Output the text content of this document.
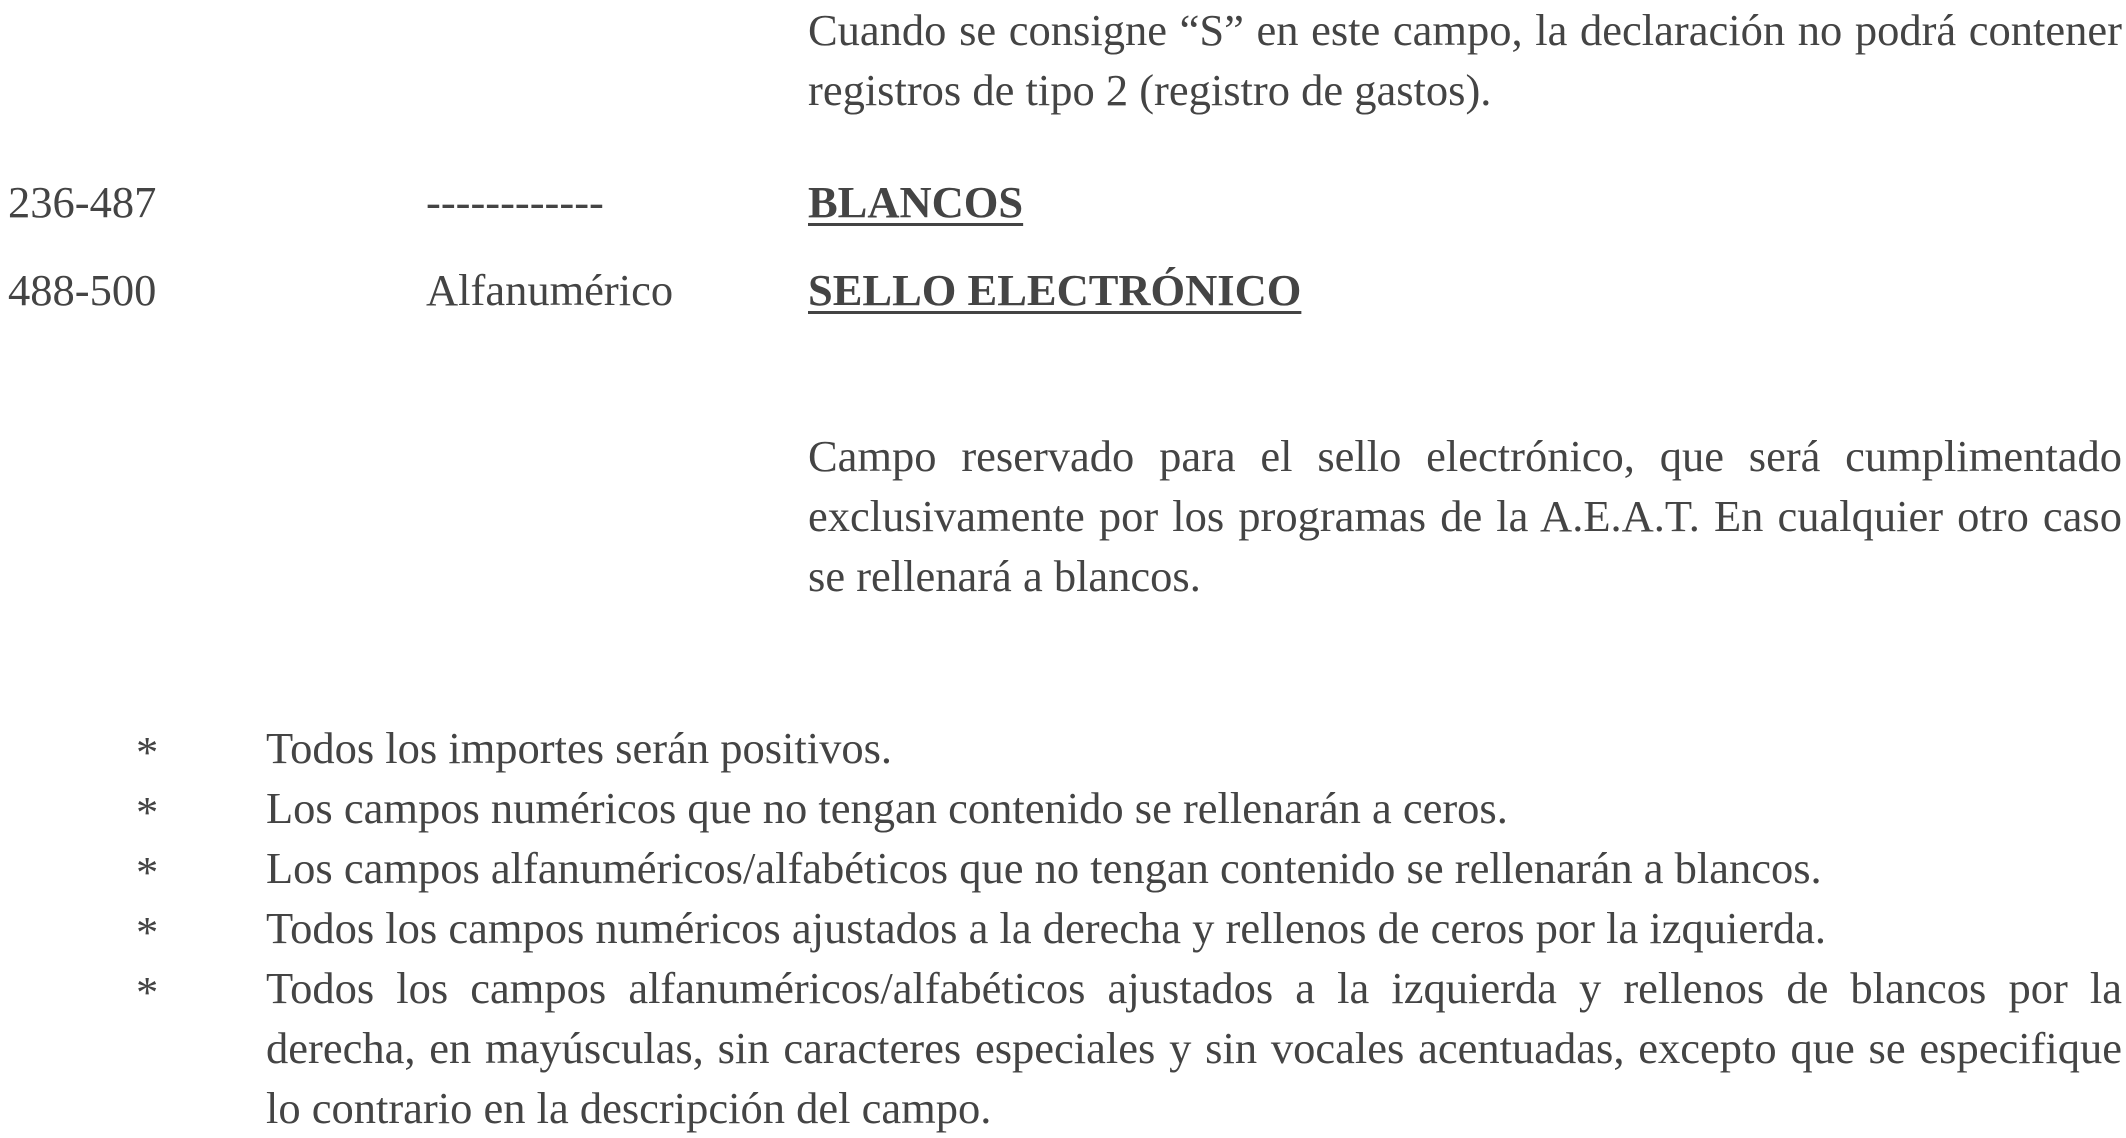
Cuando se consigne “S” en este campo, la declaración no podrá contener registros de tipo 2 (registro de gastos).
236-487	------------	BLANCOS
488-500	Alfanumérico	SELLO ELECTRÓNICO
Campo reservado para el sello electrónico, que será cumplimentado exclusivamente por los programas de la A.E.A.T. En cualquier otro caso se rellenará a blancos.
* Todos los importes serán positivos.
* Los campos numéricos que no tengan contenido se rellenarán a ceros.
* Los campos alfanuméricos/alfabéticos que no tengan contenido se rellenarán a blancos.
* Todos los campos numéricos ajustados a la derecha y rellenos de ceros por la izquierda.
* Todos los campos alfanuméricos/alfabéticos ajustados a la izquierda y rellenos de blancos por la derecha, en mayúsculas, sin caracteres especiales y sin vocales acentuadas, excepto que se especifique lo contrario en la descripción del campo.
